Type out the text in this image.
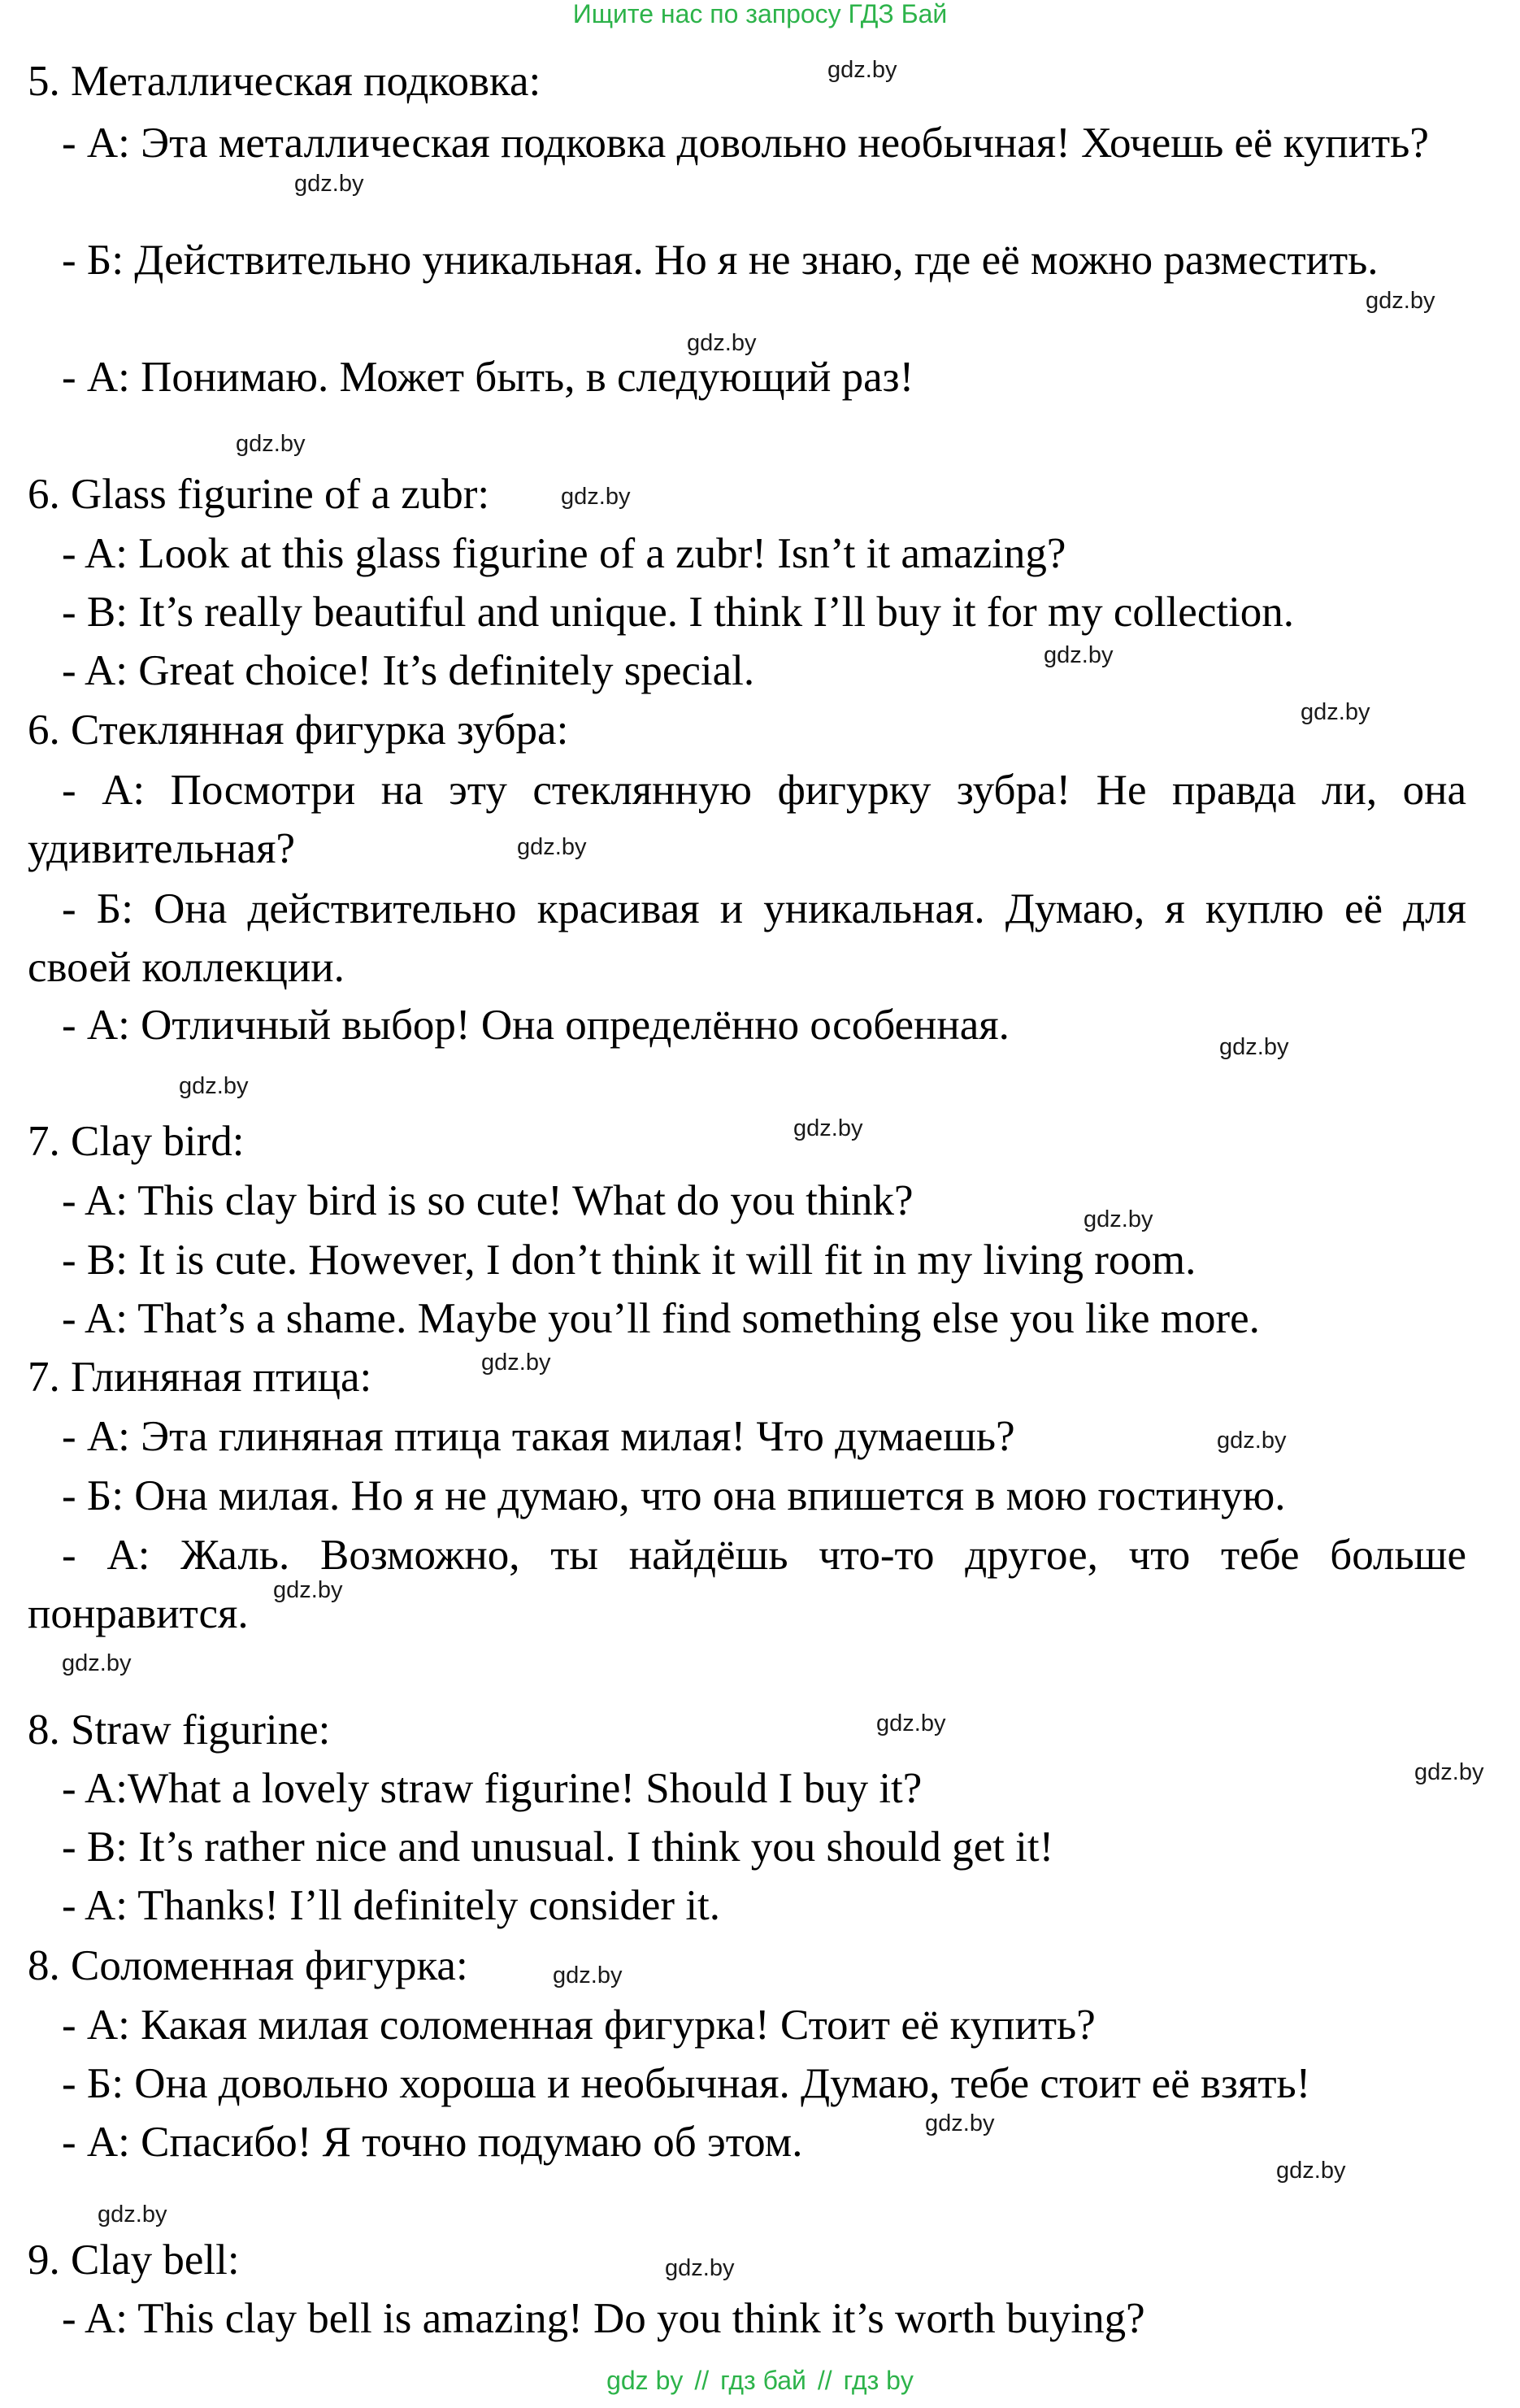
Ищите нас по запросу ГДЗ Бай

5. Металлическая подковка:

- А: Эта металлическая подковка довольно необычная! Хочешь её купить?

- Б: Действительно уникальная. Но я не знаю, где её можно разместить.

- А: Понимаю. Может быть, в следующий раз!

6. Glass figurine of a zubr:

- A: Look at this glass figurine of a zubr! Isn’t it amazing?

- B: It’s really beautiful and unique. I think I’ll buy it for my collection.

- A: Great choice! It’s definitely special.

6. Стеклянная фигурка зубра:

- А: Посмотри на эту стеклянную фигурку зубра! Не правда ли, она удивительная?

- Б: Она действительно красивая и уникальная. Думаю, я куплю её для своей коллекции.

- А: Отличный выбор! Она определённо особенная.

7. Clay bird:

- A: This clay bird is so cute! What do you think?

- B: It is cute. However, I don’t think it will fit in my living room.

- A: That’s a shame. Maybe you’ll find something else you like more.

7. Глиняная птица:

- А: Эта глиняная птица такая милая! Что думаешь?

- Б: Она милая. Но я не думаю, что она впишется в мою гостиную.

- А: Жаль. Возможно, ты найдёшь что-то другое, что тебе больше понравится.

8. Straw figurine:

- A:What a lovely straw figurine! Should I buy it?

- B: It’s rather nice and unusual. I think you should get it!

- A: Thanks! I’ll definitely consider it.

8. Соломенная фигурка:

- А: Какая милая соломенная фигурка! Стоит её купить?

- Б: Она довольно хороша и необычная. Думаю, тебе стоит её взять!

- А: Спасибо! Я точно подумаю об этом.

9. Clay bell:

- A: This clay bell is amazing! Do you think it’s worth buying?

gdz.by
gdz.by
gdz.by
gdz.by
gdz.by
gdz.by
gdz.by
gdz.by
gdz.by
gdz.by
gdz.by
gdz.by
gdz.by
gdz.by
gdz.by
gdz.by
gdz.by
gdz.by
gdz.by
gdz.by
gdz.by
gdz.by
gdz.by
gdz.by
gdz by // гдз бай // гдз by
